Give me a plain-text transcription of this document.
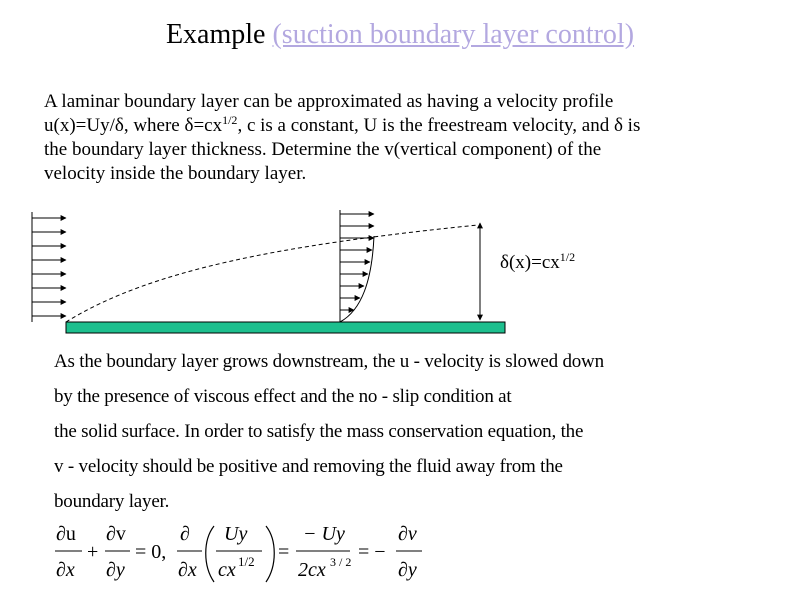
Example (suction boundary layer control)
A laminar boundary layer can be approximated as having a velocity profile
u(x)=Uy/δ, where $\delta=cx^{1/2}$, c is a constant, U is the freestream velocity, and δ is
the boundary layer thickness. Determine the v(vertical component) of the
velocity inside the boundary layer.
$\delta(x)=cx^{1/2}$
As the boundary layer grows downstream, the u - velocity is slowed down
by the presence of viscous effect and the no - slip condition at
the solid surface. In order to satisfy the mass conservation equation, the
v - velocity should be positive and removing the fluid away from the
boundary layer.
∂u
∂x
+
∂v
∂y
= 0,
∂
∂x
Uy
cx 1/2 =
− Uy
2cx 3 / 2 = −
∂v
∂y
